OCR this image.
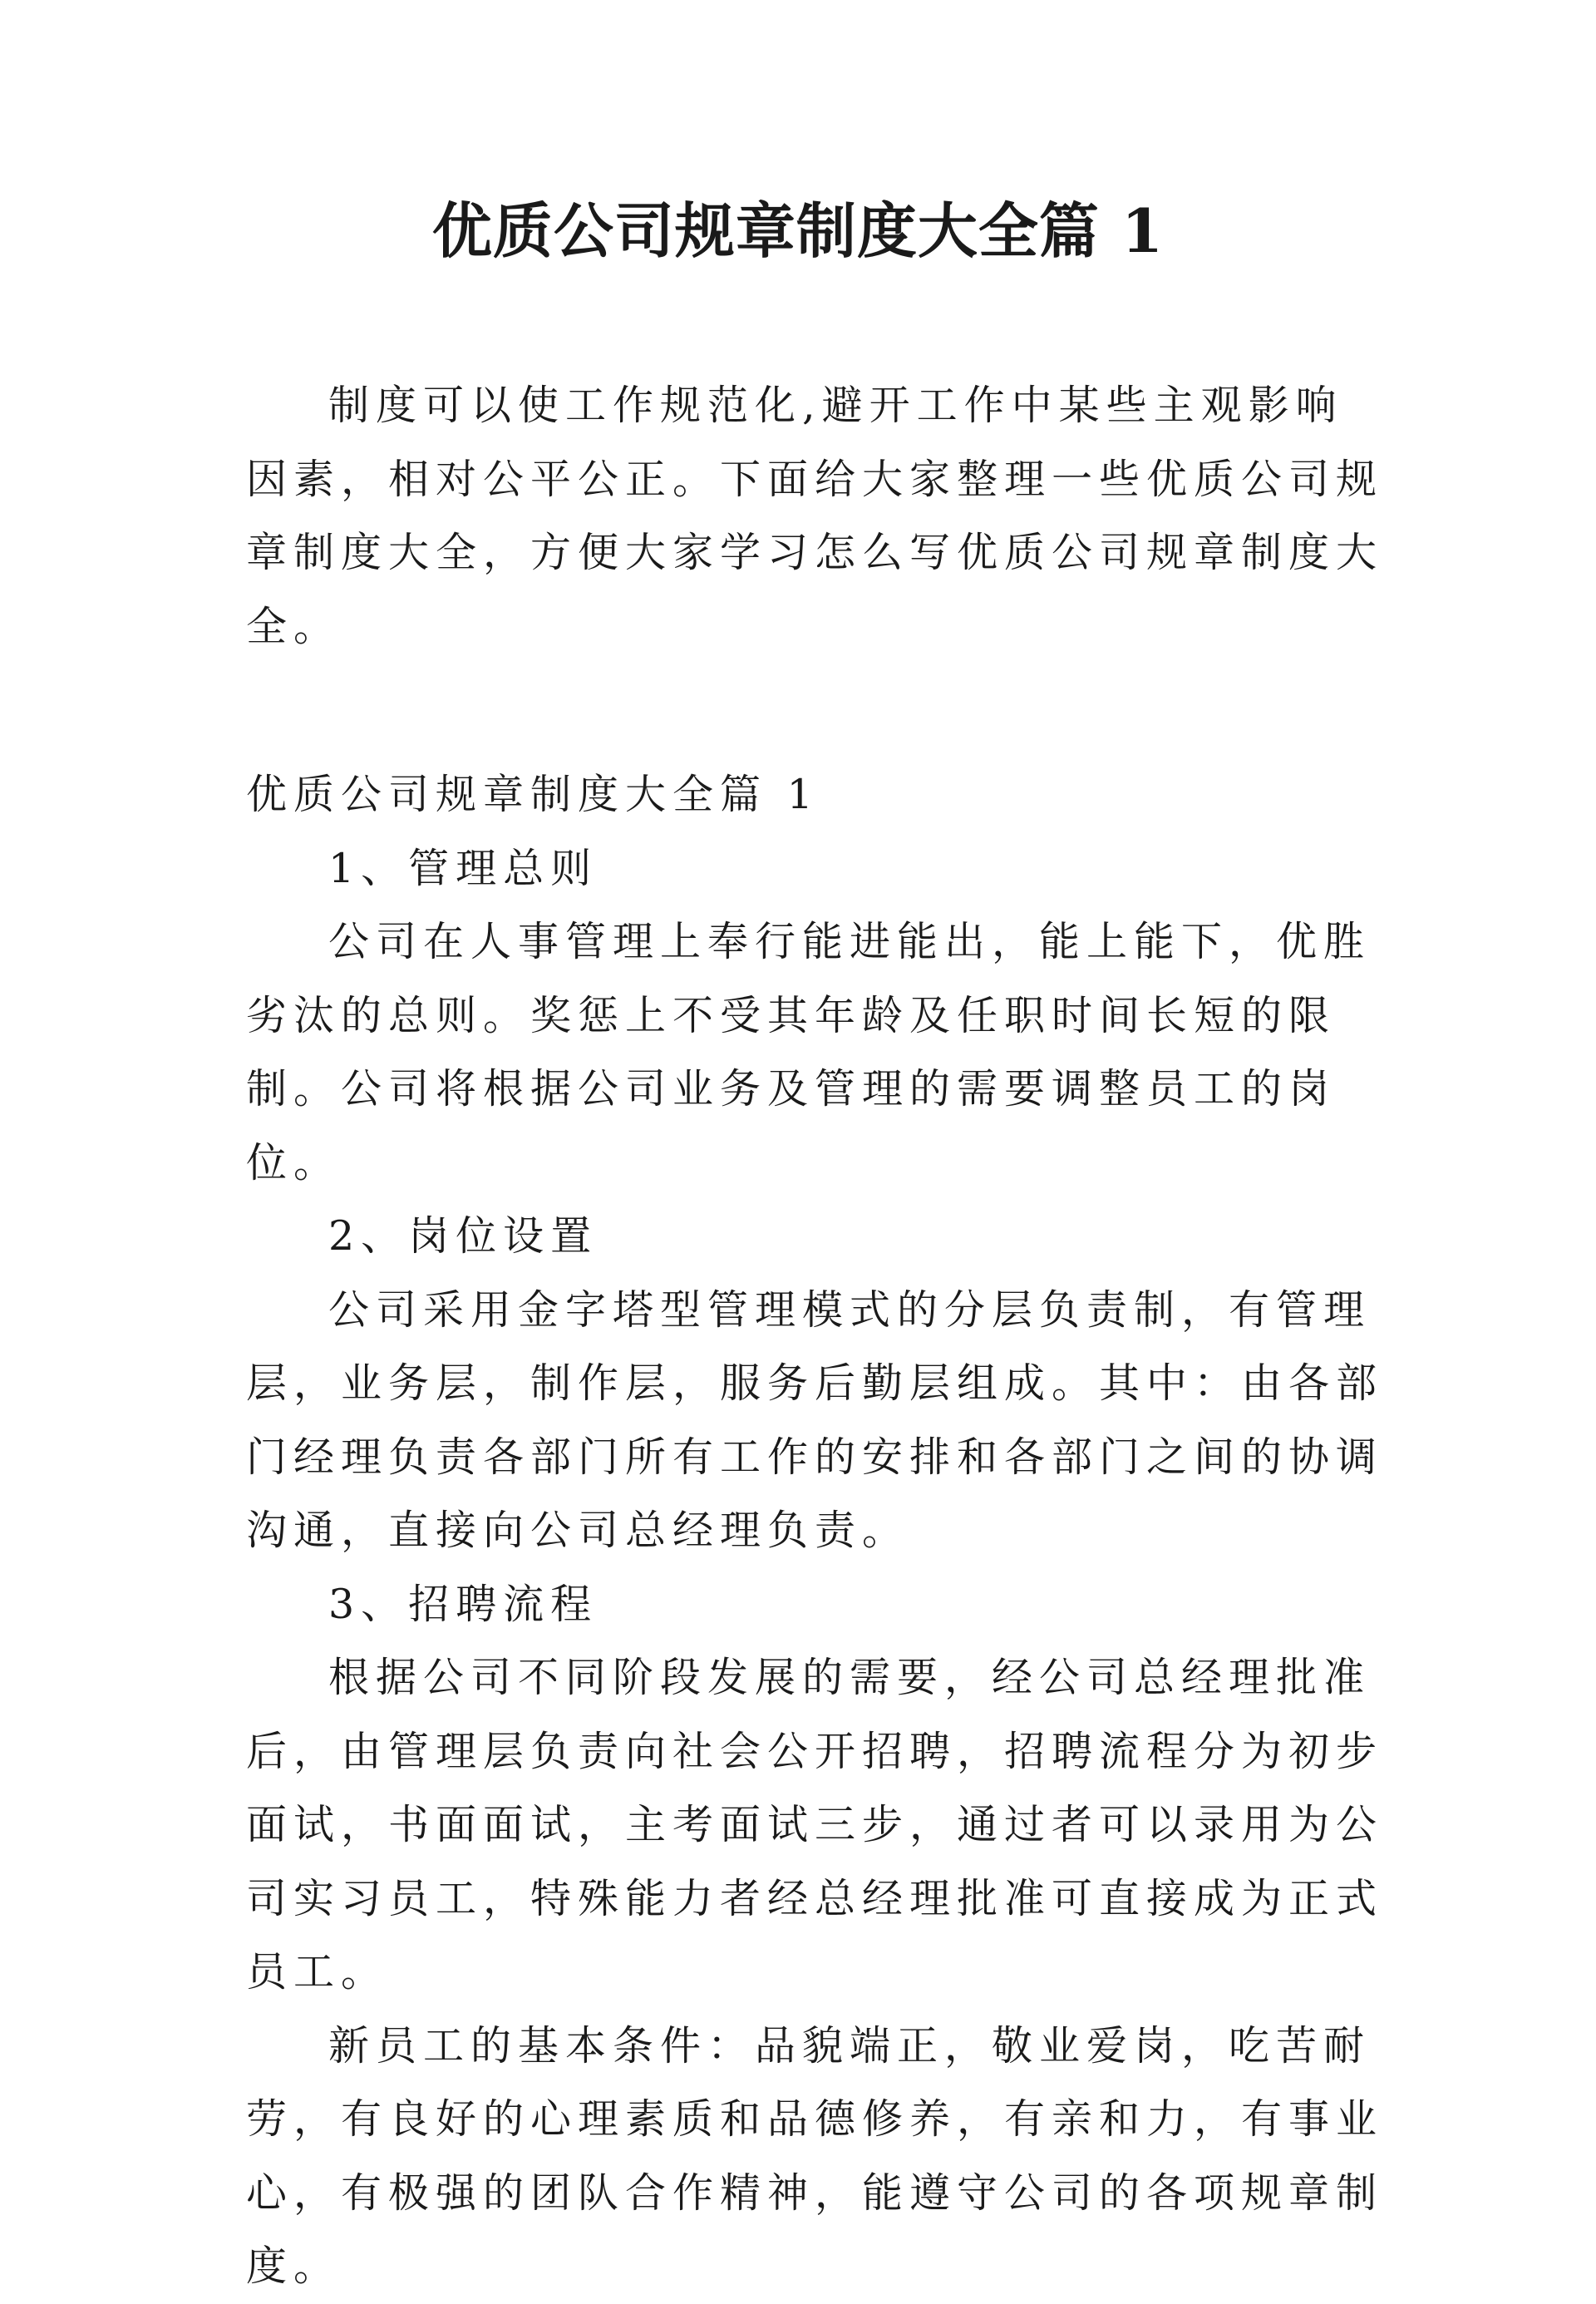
优质公司规章制度大全篇 1

制度可以使工作规范化,避开工作中某些主观影响因素，相对公平公正。下面给大家整理一些优质公司规章制度大全，方便大家学习怎么写优质公司规章制度大全。

优质公司规章制度大全篇 1

1、管理总则

公司在人事管理上奉行能进能出，能上能下，优胜劣汰的总则。奖惩上不受其年龄及任职时间长短的限制。公司将根据公司业务及管理的需要调整员工的岗位。

2、岗位设置

公司采用金字塔型管理模式的分层负责制，有管理层，业务层，制作层，服务后勤层组成。其中：由各部门经理负责各部门所有工作的安排和各部门之间的协调沟通，直接向公司总经理负责。

3、招聘流程

根据公司不同阶段发展的需要，经公司总经理批准后，由管理层负责向社会公开招聘，招聘流程分为初步面试，书面面试，主考面试三步，通过者可以录用为公司实习员工，特殊能力者经总经理批准可直接成为正式员工。

新员工的基本条件：品貌端正，敬业爱岗，吃苦耐劳，有良好的心理素质和品德修养，有亲和力，有事业心，有极强的团队合作精神，能遵守公司的各项规章制度。
